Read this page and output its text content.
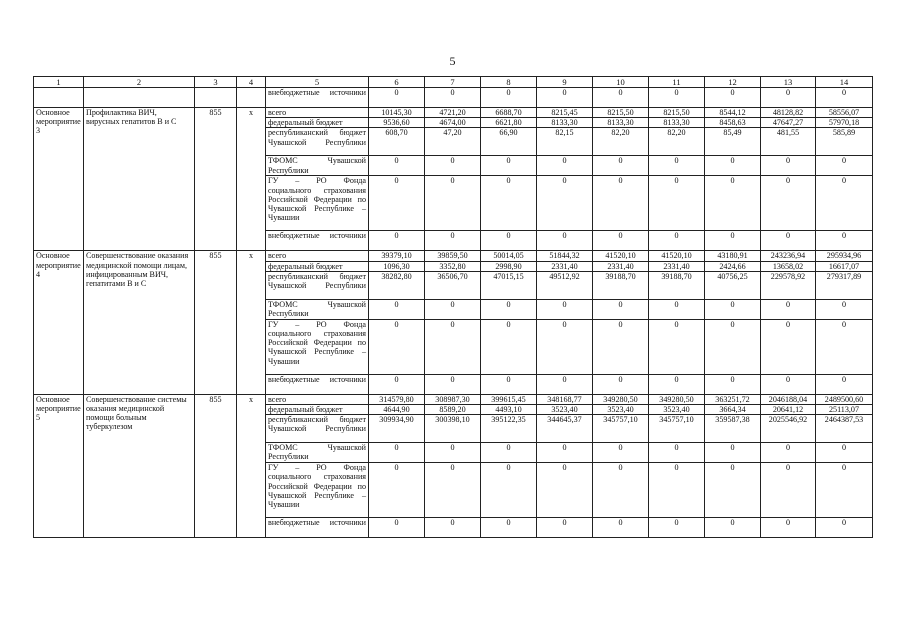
5
1	2	3	4	5	6	7	8	9	10	11	12	13	14
				внебюджетные источники	0	0	0	0	0	0	0	0	0
Основное мероприятие 3	Профилактика ВИЧ, вирусных гепатитов В и С	855	х	всего	10145,30	4721,20	6688,70	8215,45	8215,50	8215,50	8544,12	48128,82	58556,07
				федеральный бюджет	9536,60	4674,00	6621,80	8133,30	8133,30	8133,30	8458,63	47647,27	57970,18
				республиканский бюджет Чувашской Республики	608,70	47,20	66,90	82,15	82,20	82,20	85,49	481,55	585,89
				ТФОМС Чувашской Республики	0	0	0	0	0	0	0	0	0
				ГУ – РО Фонда социального страхования Российской Федерации по Чувашской Республике – Чувашии	0	0	0	0	0	0	0	0	0
				внебюджетные источники	0	0	0	0	0	0	0	0	0
Основное мероприятие 4	Совершенствование оказания медицинской помощи лицам, инфицированным ВИЧ, гепатитами В и С	855	х	всего	39379,10	39859,50	50014,05	51844,32	41520,10	41520,10	43180,91	243236,94	295934,96
				федеральный бюджет	1096,30	3352,80	2998,90	2331,40	2331,40	2331,40	2424,66	13658,02	16617,07
				республиканский бюджет Чувашской Республики	38282,80	36506,70	47015,15	49512,92	39188,70	39188,70	40756,25	229578,92	279317,89
				ТФОМС Чувашской Республики	0	0	0	0	0	0	0	0	0
				ГУ – РО Фонда социального страхования Российской Федерации по Чувашской Республике – Чувашии	0	0	0	0	0	0	0	0	0
				внебюджетные источники	0	0	0	0	0	0	0	0	0
Основное мероприятие 5	Совершенствование системы оказания медицинской помощи больным туберкулезом	855	х	всего	314579,80	308987,30	399615,45	348168,77	349280,50	349280,50	363251,72	2046188,04	2489500,60
				федеральный бюджет	4644,90	8589,20	4493,10	3523,40	3523,40	3523,40	3664,34	20641,12	25113,07
				республиканский бюджет Чувашской Республики	309934,90	300398,10	395122,35	344645,37	345757,10	345757,10	359587,38	2025546,92	2464387,53
				ТФОМС Чувашской Республики	0	0	0	0	0	0	0	0	0
				ГУ – РО Фонда социального страхования Российской Федерации по Чувашской Республике – Чувашии	0	0	0	0	0	0	0	0	0
				внебюджетные источники	0	0	0	0	0	0	0	0	0
